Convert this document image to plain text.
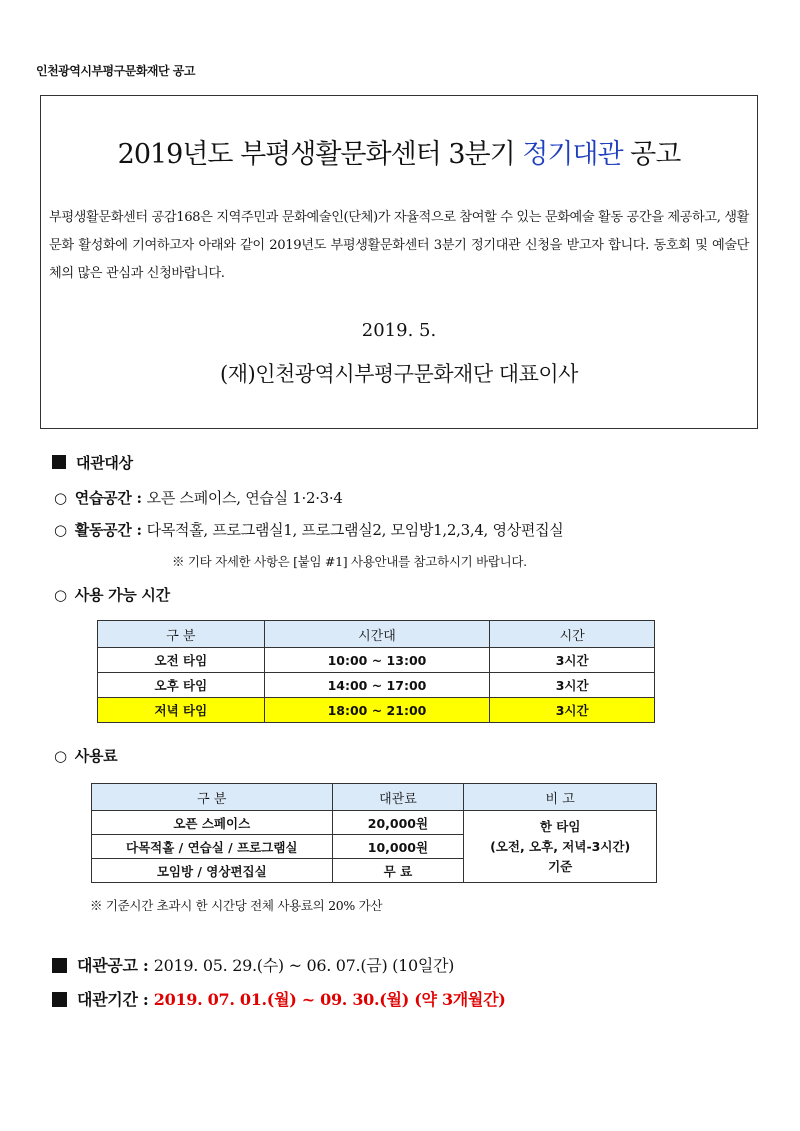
인천광역시부평구문화재단 공고
2019년도 부평생활문화센터 3분기 정기대관 공고
부평생활문화센터 공감168은 지역주민과 문화예술인(단체)가 자율적으로 참여할 수 있는 문화예술 활동 공간을 제공하고, 생활문화 활성화에 기여하고자 아래와 같이 2019년도 부평생활문화센터 3분기 정기대관 신청을 받고자 합니다. 동호회 및 예술단체의 많은 관심과 신청바랍니다.
2019. 5.
(재)인천광역시부평구문화재단 대표이사
대관대상
○ 연습공간 : 오픈 스페이스, 연습실 1·2·3·4
○ 활동공간 : 다목적홀, 프로그램실1, 프로그램실2, 모임방1,2,3,4, 영상편집실
※ 기타 자세한 사항은 [붙임 #1] 사용안내를 참고하시기 바랍니다.
○ 사용 가능 시간
구 분	시간대	시간
오전 타임	10:00 ~ 13:00	3시간
오후 타임	14:00 ~ 17:00	3시간
저녁 타임	18:00 ~ 21:00	3시간
○ 사용료
구 분	대관료	비 고
오픈 스페이스	20,000원	한 타임
(오전, 오후, 저녁-3시간)
기준

다목적홀 / 연습실 / 프로그램실	10,000원	
모임방 / 영상편집실	무 료	
※ 기준시간 초과시 한 시간당 전체 사용료의 20% 가산
대관공고 : 2019. 05. 29.(수) ~ 06. 07.(금) (10일간)
대관기간 : 2019. 07. 01.(월) ~ 09. 30.(월) (약 3개월간)
